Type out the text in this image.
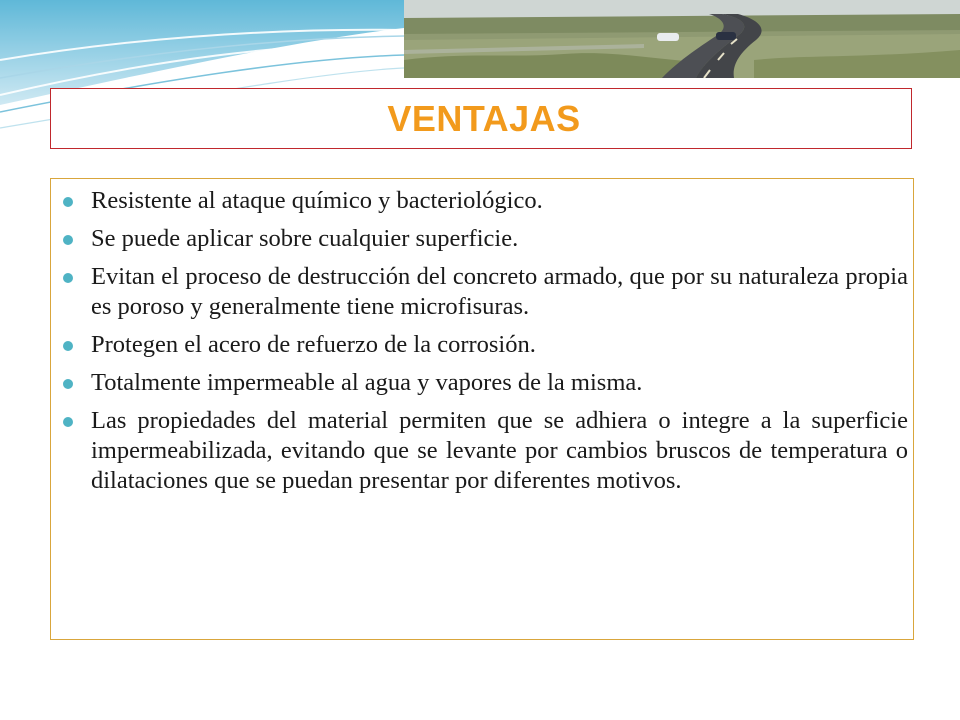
VENTAJAS
Resistente al ataque químico y bacteriológico.
Se puede aplicar sobre cualquier superficie.
Evitan el proceso de destrucción del concreto armado, que por su naturaleza propia es poroso y generalmente tiene microfisuras.
Protegen el acero de refuerzo de la corrosión.
Totalmente impermeable al agua y vapores de la misma.
Las propiedades del material permiten que se adhiera o integre a la superficie impermeabilizada, evitando que se levante por cambios bruscos de temperatura o dilataciones que se puedan presentar por diferentes motivos.
